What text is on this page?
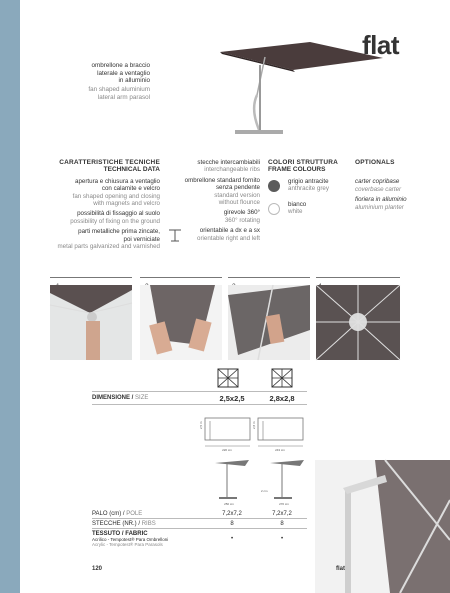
flat
ombrellone a braccio
laterale a ventaglio
in alluminio
fan shaped aluminium
lateral arm parasol
CARATTERISTICHE TECNICHE
TECHNICAL DATA
apertura e chiusura a ventaglio
con calamite e velcro
fan shaped opening and closing
with magnets and velcro
possibilità di fissaggio al suolo
possibility of fixing on the ground
parti metalliche prima zincate,
poi verniciate
metal parts galvanized and varnished
stecche intercambiabili
interchangeable ribs
ombrellone standard fornito
senza pendente
standard version
without flounce
girevole 360°
360° rotating
orientabile a dx e a sx
orientable right and left
COLORI STRUTTURA
FRAME COLOURS
grigio antracite
anthracite grey
bianco
white
OPTIONALS
carter copribase
coverbase carter
fioriera in alluminio
aluminium planter
DIMENSIONE / SIZE	2,5x2,5	2,8x2,8
220 cm
2,5 m
243 cm
2,8 m
250 cm
2 cm
270 cm
PALO (cm) / POLE	7,2x7,2	7,2x7,2
STECCHE (NR.) / RIBS	8	8
TESSUTO / FABRIC
Acrilico - Tempotest® Para Ombrelloni
Acrylic - Tempotest® Para Parasols
•	•
120	flat
